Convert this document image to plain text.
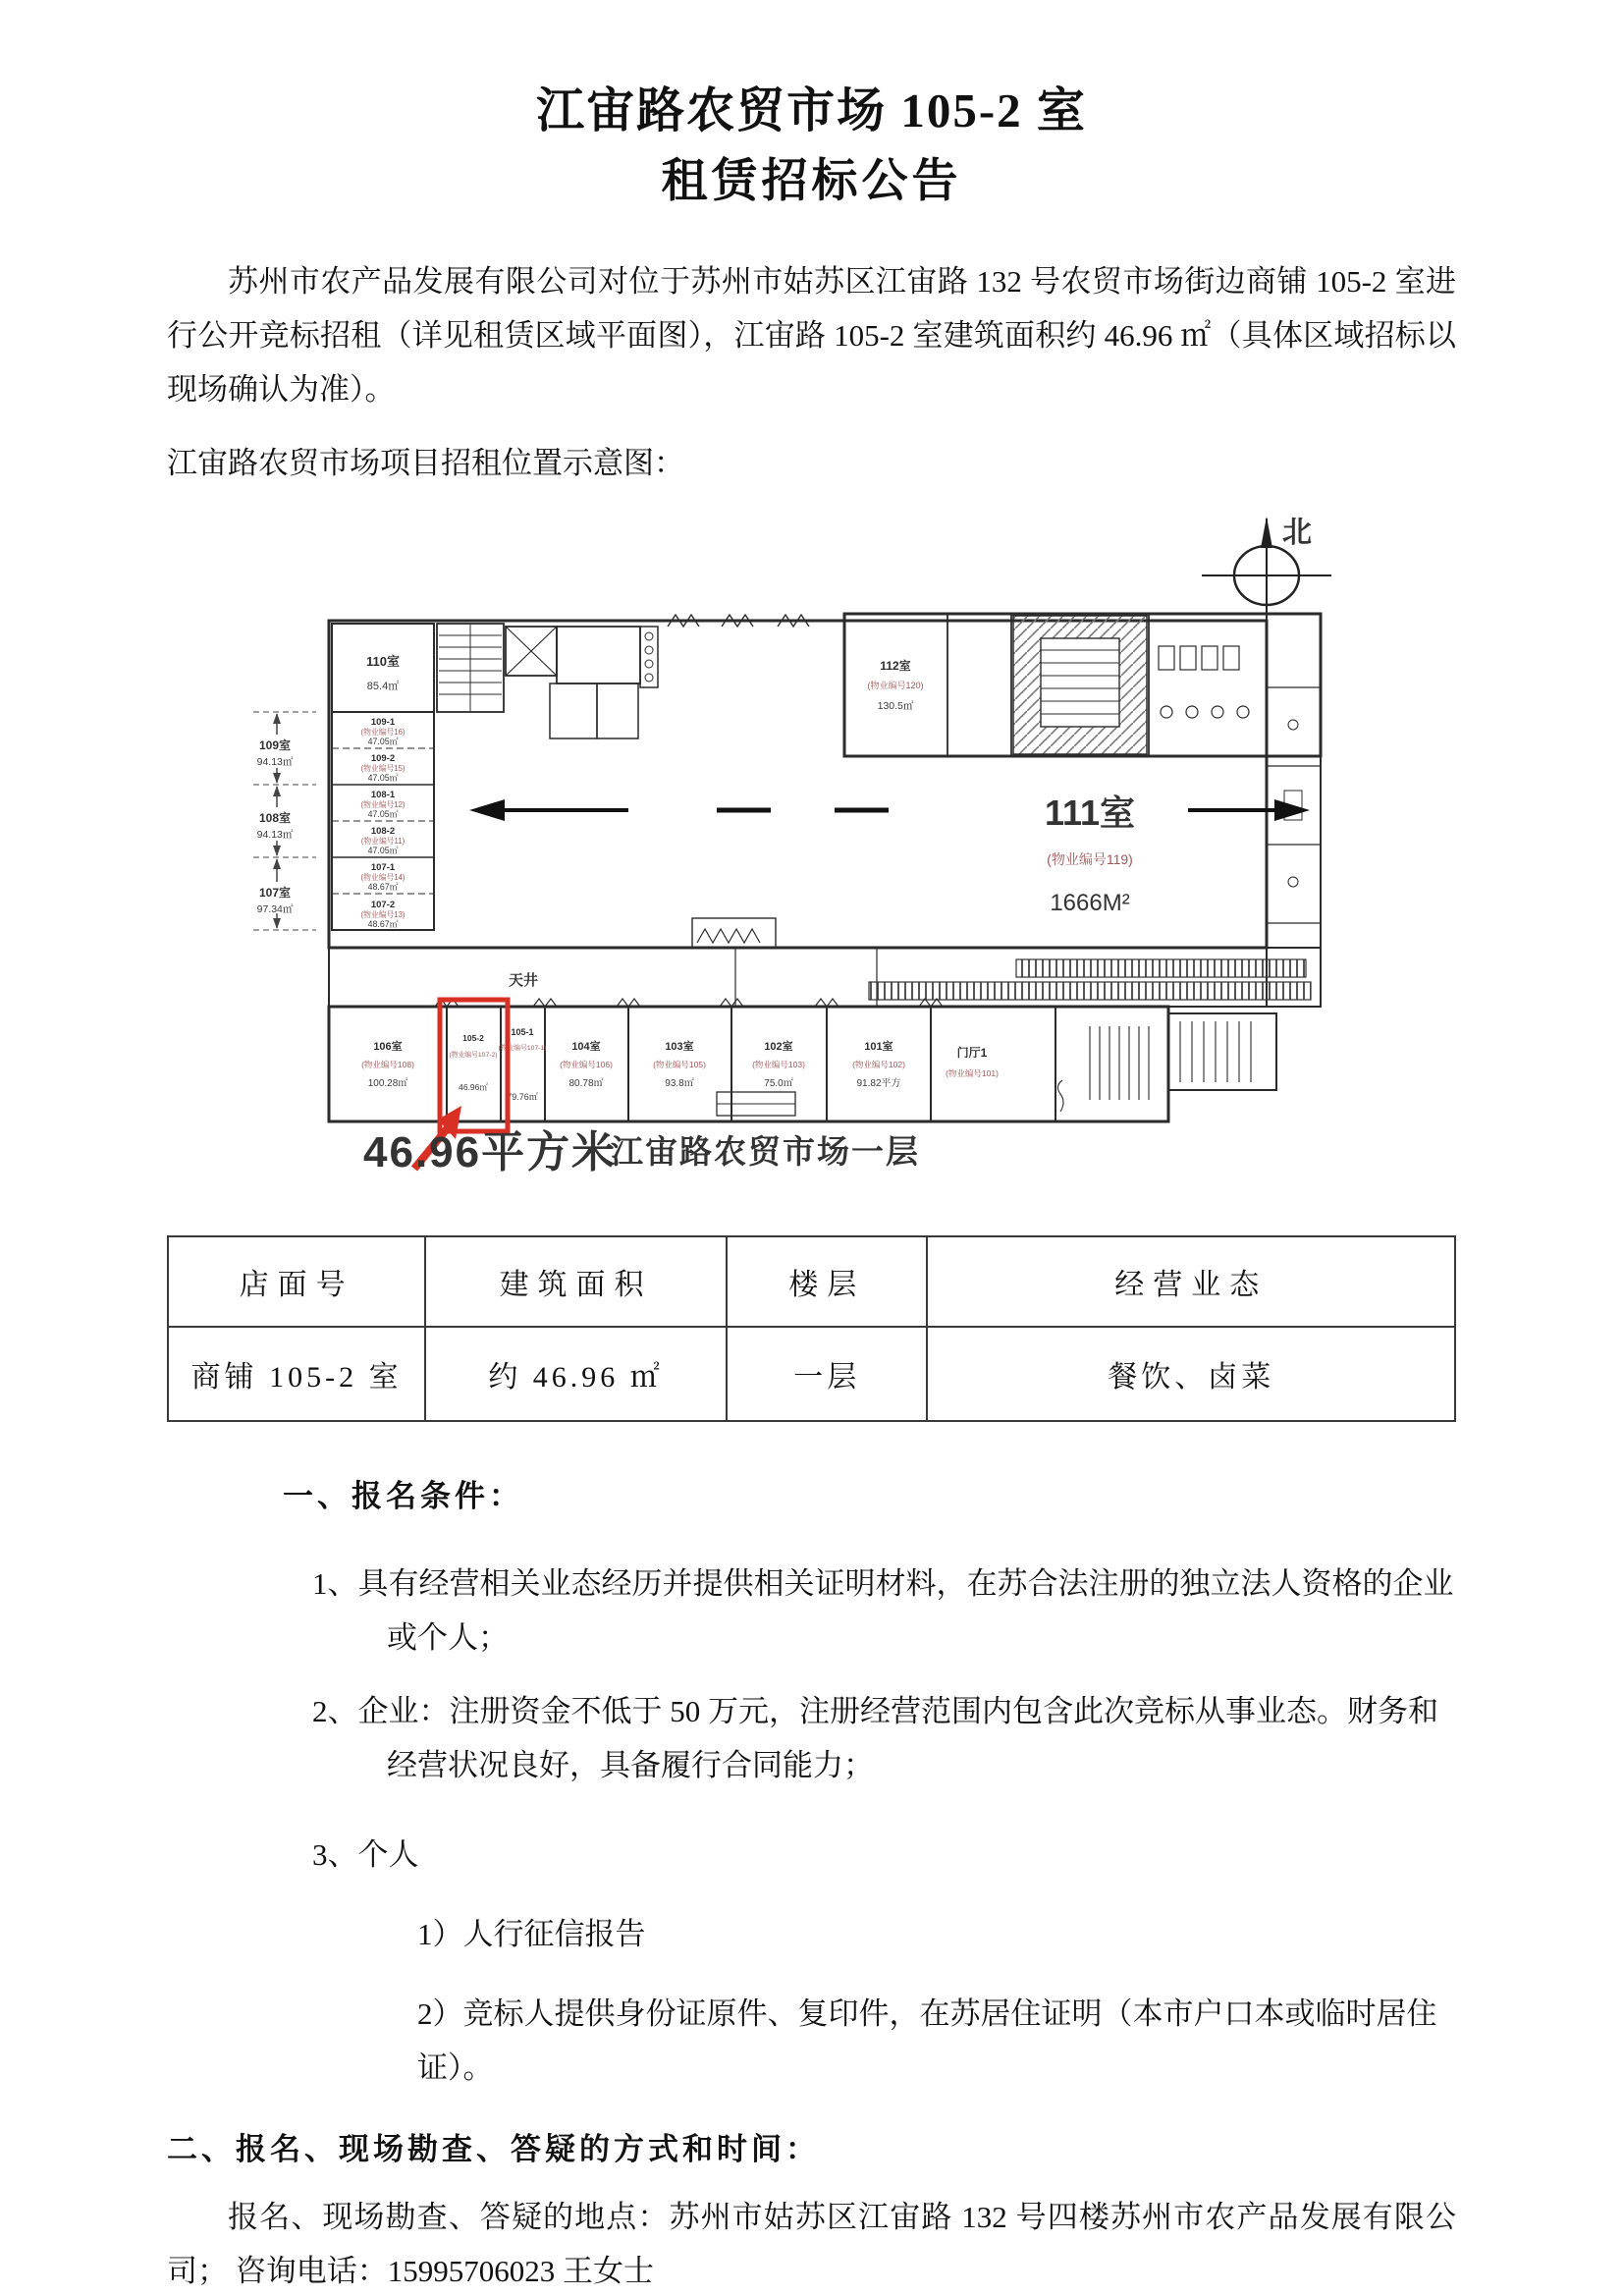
江宙路农贸市场 105-2 室
租赁招标公告

苏州市农产品发展有限公司对位于苏州市姑苏区江宙路 132 号农贸市场街边商铺 105-2 室进行公开竞标招租（详见租赁区域平面图），江宙路 105-2 室建筑面积约 46.96 ㎡（具体区域招标以现场确认为准）。

江宙路农贸市场项目招租位置示意图：

北
109室
94.13㎡
108室
94.13㎡
107室
97.34㎡
110室
85.4㎡
109-1
(物业编号16)
47.05㎡
109-2
(物业编号15)
47.05㎡
108-1
(物业编号12)
47.05㎡
108-2
(物业编号11)
47.05㎡
107-1
(物业编号14)
48.67㎡
107-2
(物业编号13)
48.67㎡
112室
(物业编号120)
130.5㎡
111室
(物业编号119)
1666M²
天井
106室
(物业编号108)
100.28㎡
105-2
(物业编号107-2)
46.96㎡
105-1
(物业编号107-1)
79.76㎡
104室
(物业编号106)
80.78㎡
103室
(物业编号105)
93.8㎡
102室
(物业编号103)
75.0㎡
101室
(物业编号102)
91.82平方
门厅1
(物业编号101)
46.96平方米
江宙路农贸市场一层
店面号	建筑面积	楼层	经营业态
商铺 105-2 室	约 46.96 ㎡	一层	餐饮、卤菜

一、报名条件：

1、具有经营相关业态经历并提供相关证明材料，在苏合法注册的独立法人资格的企业或个人；

2、企业：注册资金不低于 50 万元，注册经营范围内包含此次竞标从事业态。财务和经营状况良好，具备履行合同能力；

3、个人

1）人行征信报告

2）竞标人提供身份证原件、复印件，在苏居住证明（本市户口本或临时居住证）。

二、报名、现场勘查、答疑的方式和时间：

报名、现场勘查、答疑的地点：苏州市姑苏区江宙路 132 号四楼苏州市农产品发展有限公司； 咨询电话：15995706023 王女士
